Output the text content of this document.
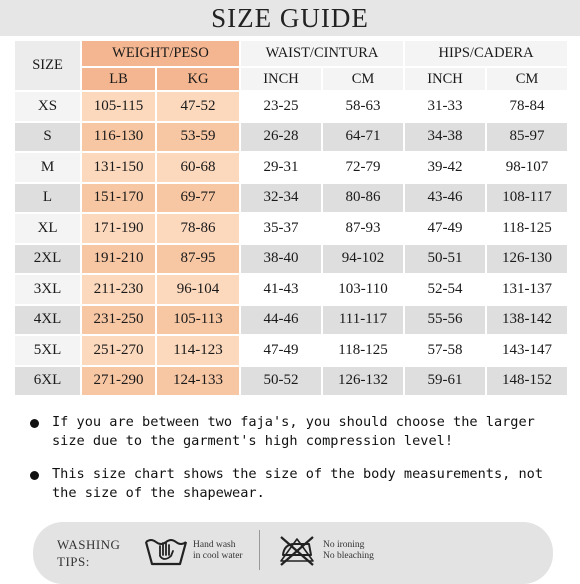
SIZE GUIDE
SIZE	WEIGHT/PESO		WAIST/CINTURA		HIPS/CADERA	
	LB	KG	INCH	CM	INCH	CM
XS	105-115	47-52	23-25	58-63	31-33	78-84
S	116-130	53-59	26-28	64-71	34-38	85-97
M	131-150	60-68	29-31	72-79	39-42	98-107
L	151-170	69-77	32-34	80-86	43-46	108-117
XL	171-190	78-86	35-37	87-93	47-49	118-125
2XL	191-210	87-95	38-40	94-102	50-51	126-130
3XL	211-230	96-104	41-43	103-110	52-54	131-137
4XL	231-250	105-113	44-46	111-117	55-56	138-142
5XL	251-270	114-123	47-49	118-125	57-58	143-147
6XL	271-290	124-133	50-52	126-132	59-61	148-152
If you are between two faja's, you should choose the larger size due to the garment's high compression level!
This size chart shows the size of the body measurements, not the size of the shapewear.
WASHING
TIPS:
Hand wash
in cool water
No ironing
No bleaching
